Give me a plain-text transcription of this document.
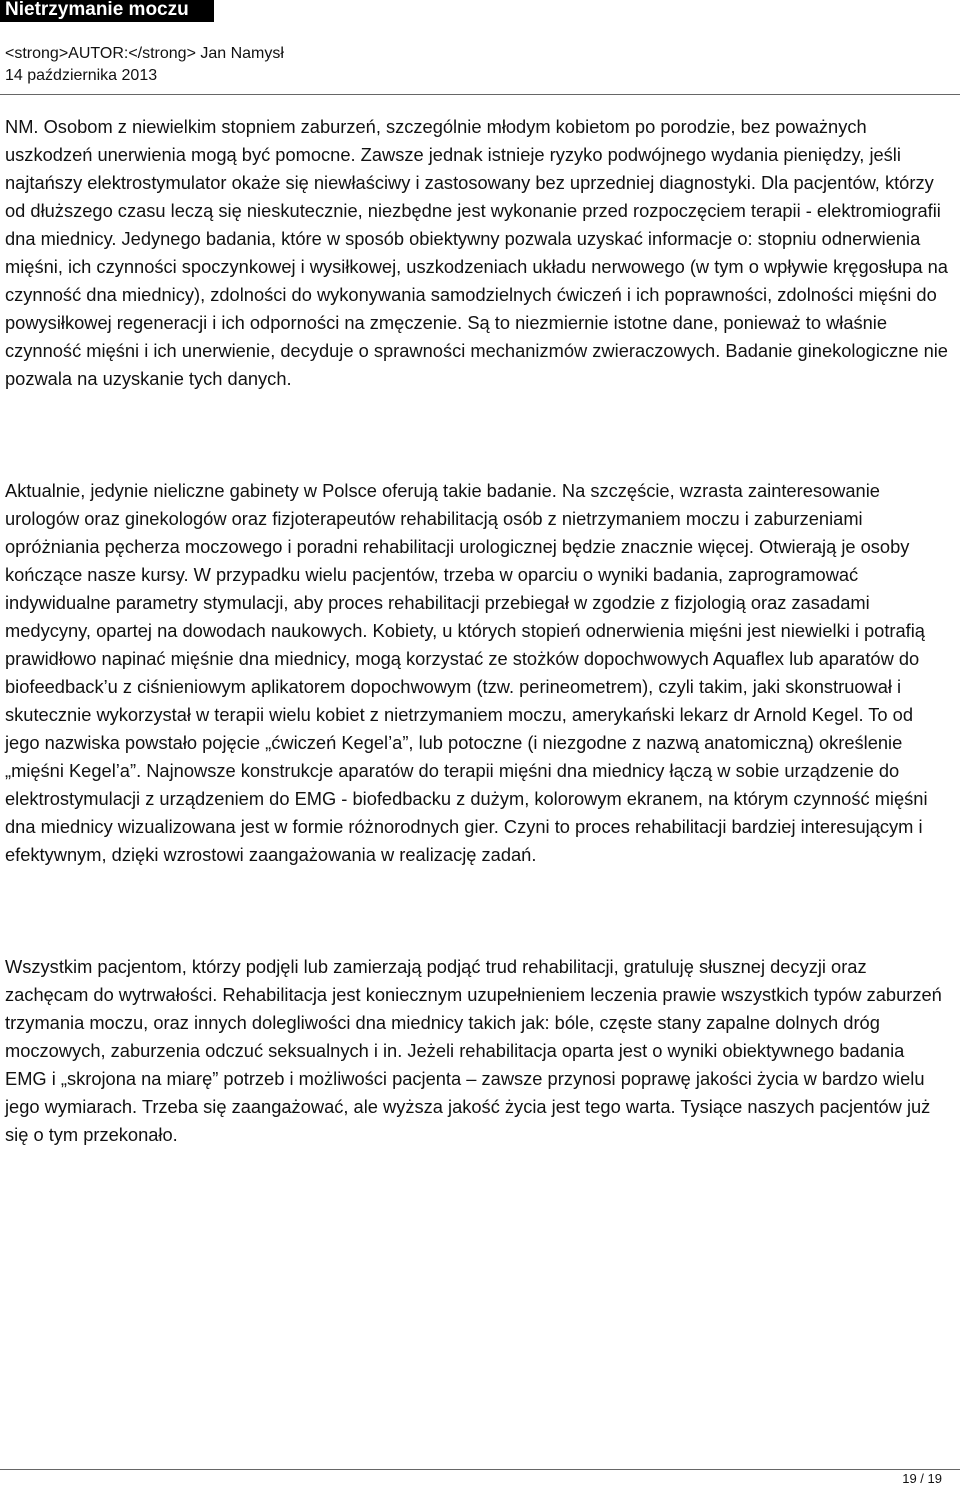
Nietrzymanie moczu
<strong>AUTOR:</strong> Jan Namysł
14 października 2013

NM. Osobom z niewielkim stopniem zaburzeń, szczególnie młodym kobietom po porodzie, bez poważnych uszkodzeń unerwienia mogą być pomocne. Zawsze jednak istnieje ryzyko podwójnego wydania pieniędzy, jeśli najtańszy elektrostymulator okaże się niewłaściwy i zastosowany bez uprzedniej diagnostyki. Dla pacjentów, którzy od dłuższego czasu leczą się nieskutecznie, niezbędne jest wykonanie przed rozpoczęciem terapii - elektromiografii dna miednicy. Jedynego badania, które w sposób obiektywny pozwala uzyskać informacje o: stopniu odnerwienia mięśni, ich czynności spoczynkowej i wysiłkowej, uszkodzeniach układu nerwowego (w tym o wpływie kręgosłupa na czynność dna miednicy), zdolności do wykonywania samodzielnych ćwiczeń i ich poprawności, zdolności mięśni do powysiłkowej regeneracji i ich odporności na zmęczenie. Są to niezmiernie istotne dane, ponieważ to właśnie czynność mięśni i ich unerwienie, decyduje o sprawności mechanizmów zwieraczowych. Badanie ginekologiczne nie pozwala na uzyskanie tych danych.

Aktualnie, jedynie nieliczne gabinety w Polsce oferują takie badanie. Na szczęście, wzrasta zainteresowanie urologów oraz ginekologów oraz fizjoterapeutów rehabilitacją osób z nietrzymaniem moczu i zaburzeniami opróżniania pęcherza moczowego i poradni rehabilitacji urologicznej będzie znacznie więcej. Otwierają je osoby kończące nasze kursy. W przypadku wielu pacjentów, trzeba w oparciu o wyniki badania, zaprogramować indywidualne parametry stymulacji, aby proces rehabilitacji przebiegał w zgodzie z fizjologią oraz zasadami medycyny, opartej na dowodach naukowych. Kobiety, u których stopień odnerwienia mięśni jest niewielki i potrafią prawidłowo napinać mięśnie dna miednicy, mogą korzystać ze stożków dopochwowych Aquaflex lub aparatów do biofeedback’u z ciśnieniowym aplikatorem dopochwowym (tzw. perineometrem), czyli takim, jaki skonstruował i skutecznie wykorzystał w terapii wielu kobiet z nietrzymaniem moczu, amerykański lekarz dr Arnold Kegel. To od jego nazwiska powstało pojęcie „ćwiczeń Kegel’a”, lub potoczne (i niezgodne z nazwą anatomiczną) określenie „mięśni Kegel’a”. Najnowsze konstrukcje aparatów do terapii mięśni dna miednicy łączą w sobie urządzenie do elektrostymulacji z urządzeniem do EMG - biofedbacku z dużym, kolorowym ekranem, na którym czynność mięśni dna miednicy wizualizowana jest w formie różnorodnych gier. Czyni to proces rehabilitacji bardziej interesującym i efektywnym, dzięki wzrostowi zaangażowania w realizację zadań.

Wszystkim pacjentom, którzy podjęli lub zamierzają podjąć trud rehabilitacji, gratuluję słusznej decyzji oraz zachęcam do wytrwałości. Rehabilitacja jest koniecznym uzupełnieniem leczenia prawie wszystkich typów zaburzeń trzymania moczu, oraz innych dolegliwości dna miednicy takich jak: bóle, częste stany zapalne dolnych dróg moczowych, zaburzenia odczuć seksualnych i in. Jeżeli rehabilitacja oparta jest o wyniki obiektywnego badania EMG i „skrojona na miarę” potrzeb i możliwości pacjenta – zawsze przynosi poprawę jakości życia w bardzo wielu jego wymiarach. Trzeba się zaangażować, ale wyższa jakość życia jest tego warta. Tysiące naszych pacjentów już się o tym przekonało.

19 / 19
